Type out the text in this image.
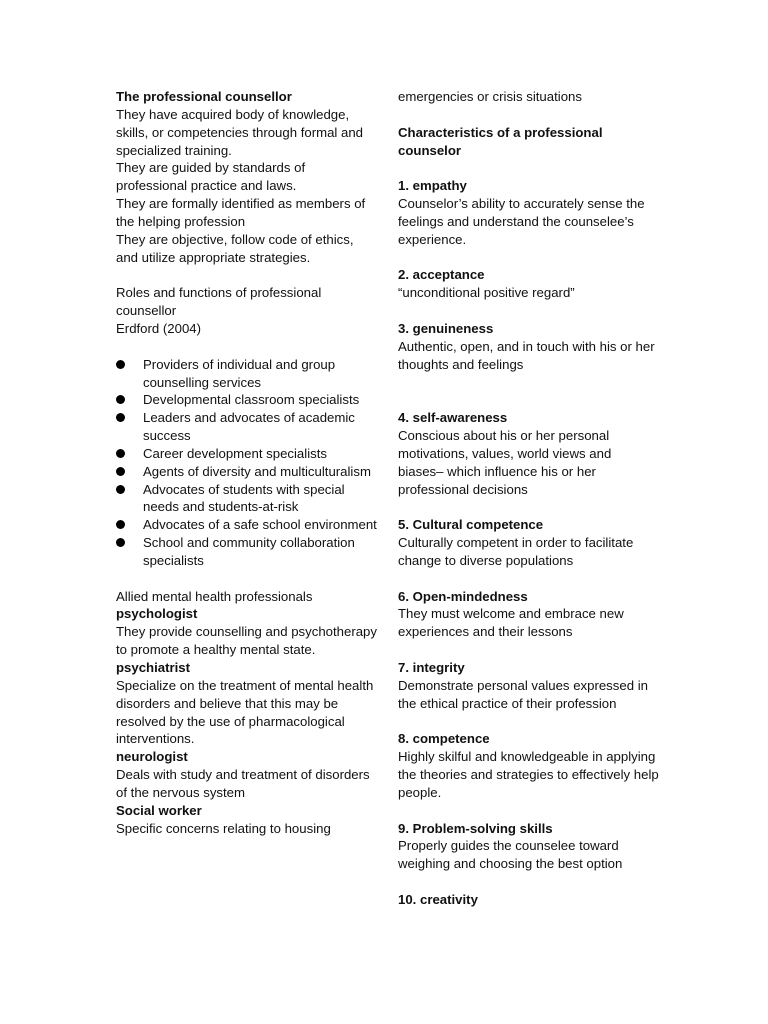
The professional counsellor
They have acquired body of knowledge, skills, or competencies through formal and specialized training.
They are guided by standards of professional practice and laws.
They are formally identified as members of the helping profession
They are objective, follow code of ethics, and utilize appropriate strategies.
Roles and functions of professional counsellor
Erdford (2004)
Providers of individual and group counselling services
Developmental classroom specialists
Leaders and advocates of academic success
Career development specialists
Agents of diversity and multiculturalism
Advocates of students with special needs and students-at-risk
Advocates of a safe school environment
School and community collaboration specialists
Allied mental health professionals
psychologist
They provide counselling and psychotherapy to promote a healthy mental state.
psychiatrist
Specialize on the treatment of mental health disorders and believe that this may be resolved by the use of pharmacological interventions.
neurologist
Deals with study and treatment of disorders of the nervous system
Social worker
Specific concerns relating to housing
emergencies or crisis situations
Characteristics of a professional counselor
1. empathy
Counselor’s ability to accurately sense the feelings and understand the counselee’s experience.
2. acceptance
“unconditional positive regard”
3. genuineness
Authentic, open, and in touch with his or her thoughts and feelings
4. self-awareness
Conscious about his or her personal motivations, values, world views and biases– which influence his or her professional decisions
5. Cultural competence
Culturally competent in order to facilitate change to diverse populations
6. Open-mindedness
They must welcome and embrace new experiences and their lessons
7. integrity
Demonstrate personal values expressed in the ethical practice of their profession
8. competence
Highly skilful and knowledgeable in applying the theories and strategies to effectively help people.
9. Problem-solving skills
Properly guides the counselee toward weighing and choosing the best option
10. creativity
